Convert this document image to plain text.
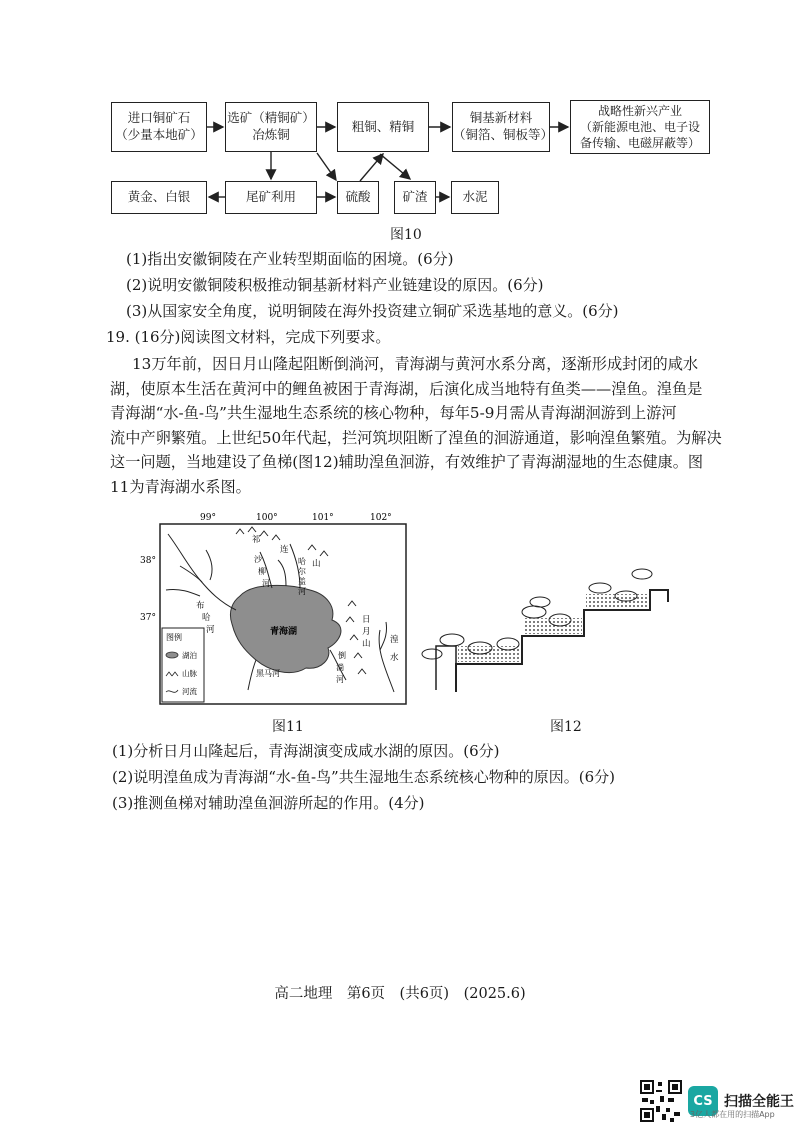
进口铜矿石
（少量本地矿）
选矿（精铜矿）
冶炼铜
粗铜、精铜
铜基新材料
（铜箔、铜板等）
战略性新兴产业
（新能源电池、电子设
备传输、电磁屏蔽等）
黄金、白银	尾矿利用	硫酸	矿渣	水泥
图10
(1)指出安徽铜陵在产业转型期面临的困境。(6分)
(2)说明安徽铜陵积极推动铜基新材料产业链建设的原因。(6分)
(3)从国家安全角度，说明铜陵在海外投资建立铜矿采选基地的意义。(6分)
19. (16分)阅读图文材料，完成下列要求。
13万年前，因日月山隆起阻断倒淌河，青海湖与黄河水系分离，逐渐形成封闭的咸水
湖，使原本生活在黄河中的鲤鱼被困于青海湖，后演化成当地特有鱼类——湟鱼。湟鱼是
青海湖“水-鱼-鸟”共生湿地生态系统的核心物种，每年5-9月需从青海湖洄游到上游河
流中产卵繁殖。上世纪50年代起，拦河筑坝阻断了湟鱼的洄游通道，影响湟鱼繁殖。为解决
这一问题，当地建设了鱼梯(图12)辅助湟鱼洄游，有效维护了青海湖湿地的生态健康。图
11为青海湖水系图。
99°	100°	101°	102°
38°
37°
青海湖
祁
连
山
沙
柳
河
哈
尔
盖
河
布
哈
河
倒
淌
河
湟
水
日
月
山
黑马河
图例
湖泊
山脉
河流
图11	图12
(1)分析日月山隆起后，青海湖演变成咸水湖的原因。(6分)
(2)说明湟鱼成为青海湖“水-鱼-鸟”共生湿地生态系统核心物种的原因。(6分)
(3)推测鱼梯对辅助湟鱼洄游所起的作用。(4分)
高二地理　第6页　(共6页)　(2025.6)
CS 扫描全能王
3亿人都在用的扫描App
